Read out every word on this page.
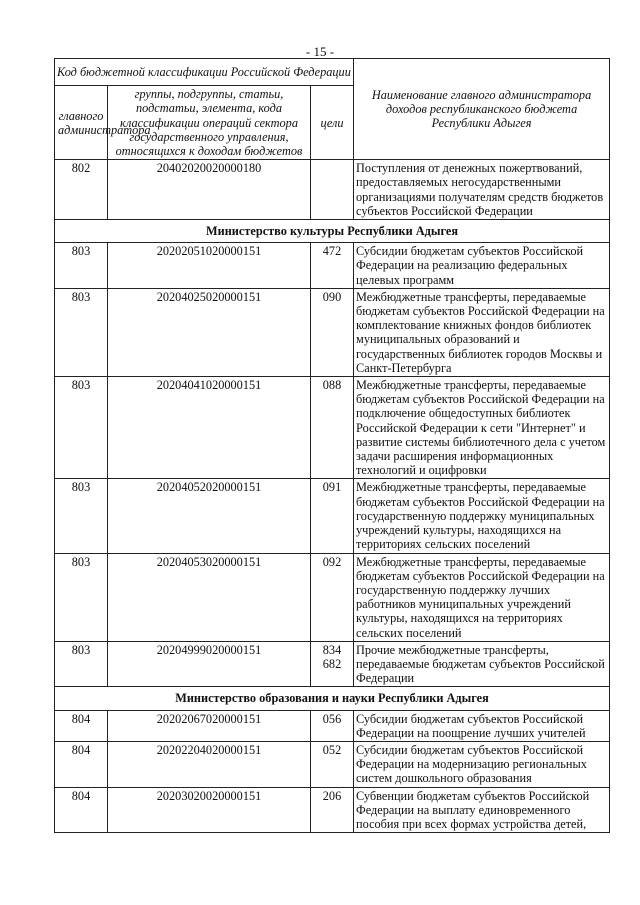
- 15 -
Код бюджетной классификации Российской Федерации			Наименование главного администратора доходов республиканского бюджета Республики Адыгея
главного администратора	группы, подгруппы, статьи, подстатьи, элемента, кода классификации операций сектора государственного управления, относящихся к доходам бюджетов	цели	
802	20402020020000180		Поступления от денежных пожертвований, предоставляемых негосударственными организациями получателям средств бюджетов субъектов Российской Федерации
Министерство культуры Республики Адыгея			
803	20202051020000151	472	Субсидии бюджетам субъектов Российской Федерации на реализацию федеральных целевых программ
803	20204025020000151	090	Межбюджетные трансферты, передаваемые бюджетам субъектов Российской Федерации на комплектование книжных фондов библиотек муниципальных образований и государственных библиотек городов Москвы и Санкт-Петербурга
803	20204041020000151	088	Межбюджетные трансферты, передаваемые бюджетам субъектов Российской Федерации на подключение общедоступных библиотек Российской Федерации к сети "Интернет" и развитие системы библиотечного дела с учетом задачи расширения информационных технологий и оцифровки
803	20204052020000151	091	Межбюджетные трансферты, передаваемые бюджетам субъектов Российской Федерации на государственную поддержку муниципальных учреждений культуры, находящихся на территориях сельских поселений
803	20204053020000151	092	Межбюджетные трансферты, передаваемые бюджетам субъектов Российской Федерации на государственную поддержку лучших работников муниципальных учреждений культуры, находящихся на территориях сельских поселений
803	20204999020000151	834 682	Прочие межбюджетные трансферты, передаваемые бюджетам субъектов Российской Федерации
Министерство образования и науки Республики Адыгея			
804	20202067020000151	056	Субсидии бюджетам субъектов Российской Федерации на поощрение лучших учителей
804	20202204020000151	052	Субсидии бюджетам субъектов Российской Федерации на модернизацию региональных систем дошкольного образования
804	20203020020000151	206	Субвенции бюджетам субъектов Российской Федерации на выплату единовременного пособия при всех формах устройства детей,
